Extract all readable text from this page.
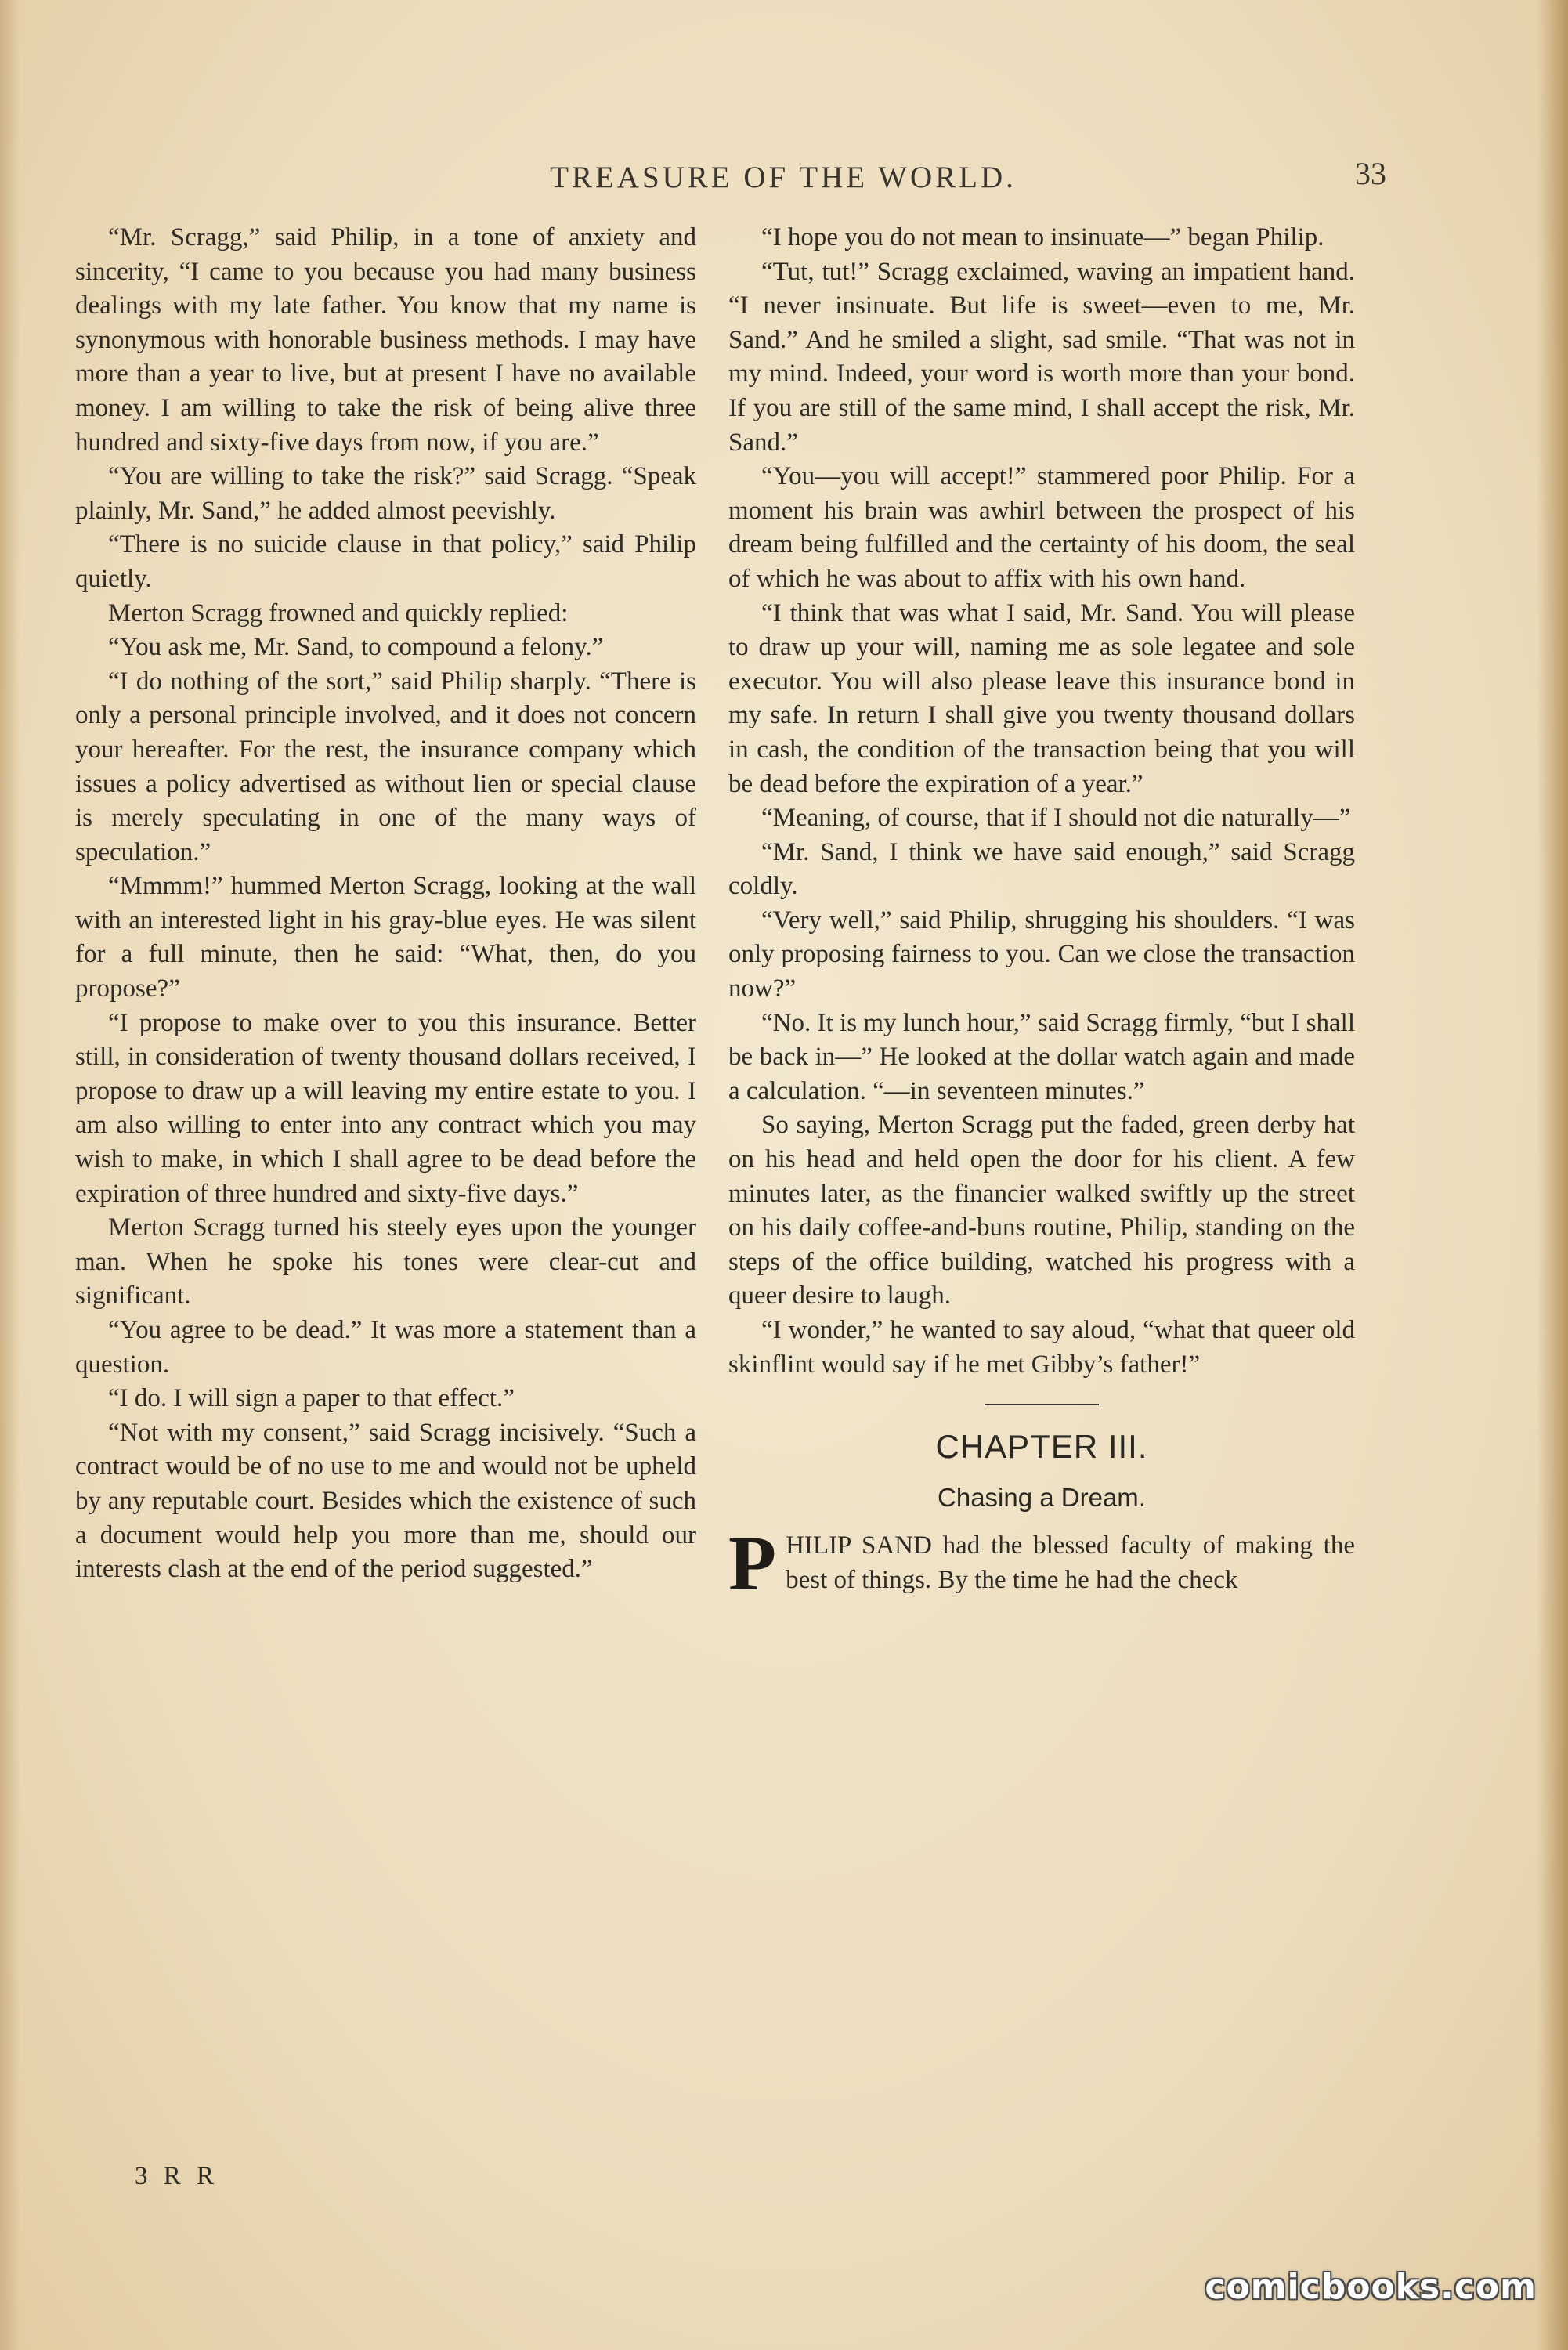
TREASURE OF THE WORLD.	33

“Mr. Scragg,” said Philip, in a tone of anxiety and sincerity, “I came to you because you had many business dealings with my late father. You know that my name is synonymous with honorable business methods. I may have more than a year to live, but at present I have no available money. I am willing to take the risk of being alive three hundred and sixty-five days from now, if you are.”

“You are willing to take the risk?” said Scragg. “Speak plainly, Mr. Sand,” he added almost peevishly.

“There is no suicide clause in that policy,” said Philip quietly.

Merton Scragg frowned and quickly replied:

“You ask me, Mr. Sand, to compound a felony.”

“I do nothing of the sort,” said Philip sharply. “There is only a personal principle involved, and it does not concern your hereafter. For the rest, the insurance company which issues a policy advertised as without lien or special clause is merely speculating in one of the many ways of speculation.”

“Mmmm!” hummed Merton Scragg, looking at the wall with an interested light in his gray-blue eyes. He was silent for a full minute, then he said: “What, then, do you propose?”

“I propose to make over to you this insurance. Better still, in consideration of twenty thousand dollars received, I propose to draw up a will leaving my entire estate to you. I am also willing to enter into any contract which you may wish to make, in which I shall agree to be dead before the expiration of three hundred and sixty-five days.”

Merton Scragg turned his steely eyes upon the younger man. When he spoke his tones were clear-cut and significant.

“You agree to be dead.” It was more a statement than a question.

“I do. I will sign a paper to that effect.”

“Not with my consent,” said Scragg incisively. “Such a contract would be of no use to me and would not be upheld by any reputable court. Besides which the existence of such a document would help you more than me, should our interests clash at the end of the period suggested.”

3 R R

“I hope you do not mean to insinuate—” began Philip.

“Tut, tut!” Scragg exclaimed, waving an impatient hand. “I never insinuate. But life is sweet—even to me, Mr. Sand.” And he smiled a slight, sad smile. “That was not in my mind. Indeed, your word is worth more than your bond. If you are still of the same mind, I shall accept the risk, Mr. Sand.”

“You—you will accept!” stammered poor Philip. For a moment his brain was awhirl between the prospect of his dream being fulfilled and the certainty of his doom, the seal of which he was about to affix with his own hand.

“I think that was what I said, Mr. Sand. You will please to draw up your will, naming me as sole legatee and sole executor. You will also please leave this insurance bond in my safe. In return I shall give you twenty thousand dollars in cash, the condition of the transaction being that you will be dead before the expiration of a year.”

“Meaning, of course, that if I should not die naturally—”

“Mr. Sand, I think we have said enough,” said Scragg coldly.

“Very well,” said Philip, shrugging his shoulders. “I was only proposing fairness to you. Can we close the transaction now?”

“No. It is my lunch hour,” said Scragg firmly, “but I shall be back in—” He looked at the dollar watch again and made a calculation. “—in seventeen minutes.”

So saying, Merton Scragg put the faded, green derby hat on his head and held open the door for his client. A few minutes later, as the financier walked swiftly up the street on his daily coffee-and-buns routine, Philip, standing on the steps of the office building, watched his progress with a queer desire to laugh.

“I wonder,” he wanted to say aloud, “what that queer old skinflint would say if he met Gibby’s father!”

CHAPTER III.
Chasing a Dream.

PHILIP SAND had the blessed faculty of making the best of things. By the time he had the check

comicbooks.com
